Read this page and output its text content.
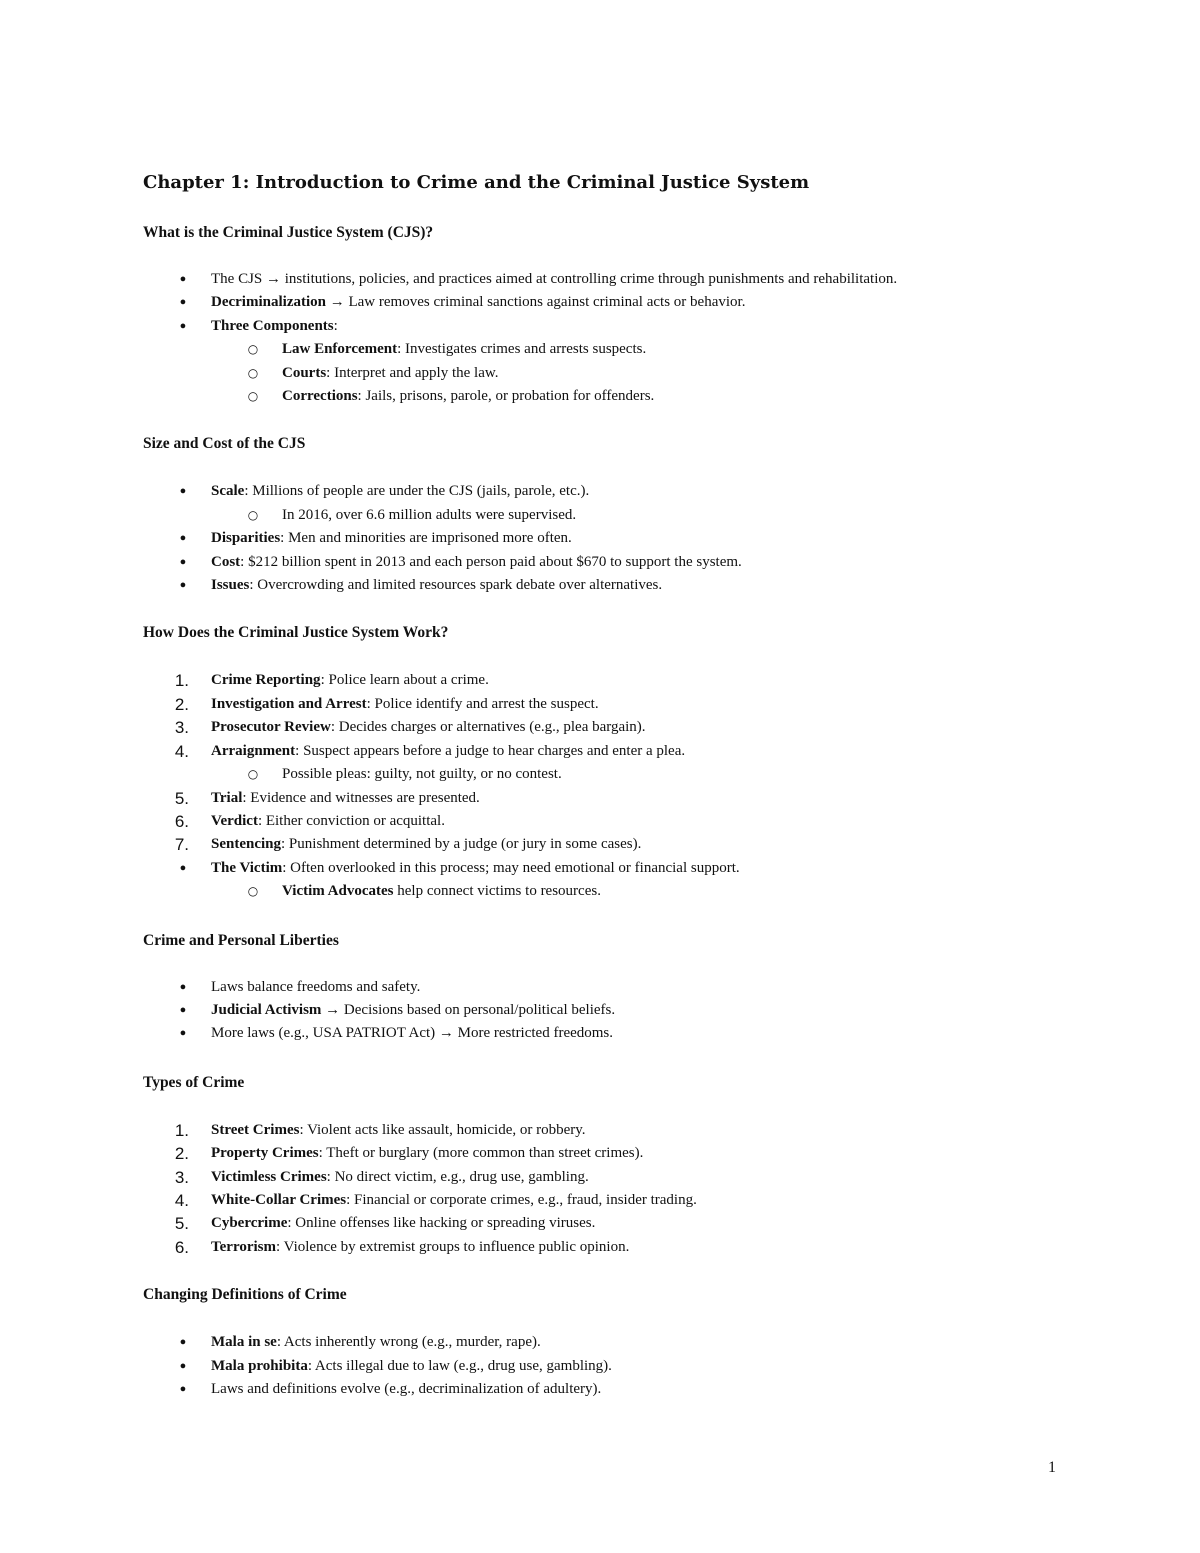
Chapter 1: Introduction to Crime and the Criminal Justice System
What is the Criminal Justice System (CJS)?
●	The CJS → institutions, policies, and practices aimed at controlling crime through punishments and rehabilitation.
●	Decriminalization → Law removes criminal sanctions against criminal acts or behavior.
●	Three Components:
○	Law Enforcement: Investigates crimes and arrests suspects.
○	Courts: Interpret and apply the law.
○	Corrections: Jails, prisons, parole, or probation for offenders.
Size and Cost of the CJS
●	Scale: Millions of people are under the CJS (jails, parole, etc.).
○	In 2016, over 6.6 million adults were supervised.
●	Disparities: Men and minorities are imprisoned more often.
●	Cost: $212 billion spent in 2013 and each person paid about $670 to support the system.
●	Issues: Overcrowding and limited resources spark debate over alternatives.
How Does the Criminal Justice System Work?
1. Crime Reporting: Police learn about a crime.
2. Investigation and Arrest: Police identify and arrest the suspect.
3. Prosecutor Review: Decides charges or alternatives (e.g., plea bargain).
4. Arraignment: Suspect appears before a judge to hear charges and enter a plea.
○	Possible pleas: guilty, not guilty, or no contest.
5. Trial: Evidence and witnesses are presented.
6. Verdict: Either conviction or acquittal.
7. Sentencing: Punishment determined by a judge (or jury in some cases).
●	The Victim: Often overlooked in this process; may need emotional or financial support.
○	Victim Advocates help connect victims to resources.
Crime and Personal Liberties
●	Laws balance freedoms and safety.
●	Judicial Activism → Decisions based on personal/political beliefs.
●	More laws (e.g., USA PATRIOT Act) → More restricted freedoms.
Types of Crime
1. Street Crimes: Violent acts like assault, homicide, or robbery.
2. Property Crimes: Theft or burglary (more common than street crimes).
3. Victimless Crimes: No direct victim, e.g., drug use, gambling.
4. White-Collar Crimes: Financial or corporate crimes, e.g., fraud, insider trading.
5. Cybercrime: Online offenses like hacking or spreading viruses.
6. Terrorism: Violence by extremist groups to influence public opinion.
Changing Definitions of Crime
●	Mala in se: Acts inherently wrong (e.g., murder, rape).
●	Mala prohibita: Acts illegal due to law (e.g., drug use, gambling).
●	Laws and definitions evolve (e.g., decriminalization of adultery).
1
